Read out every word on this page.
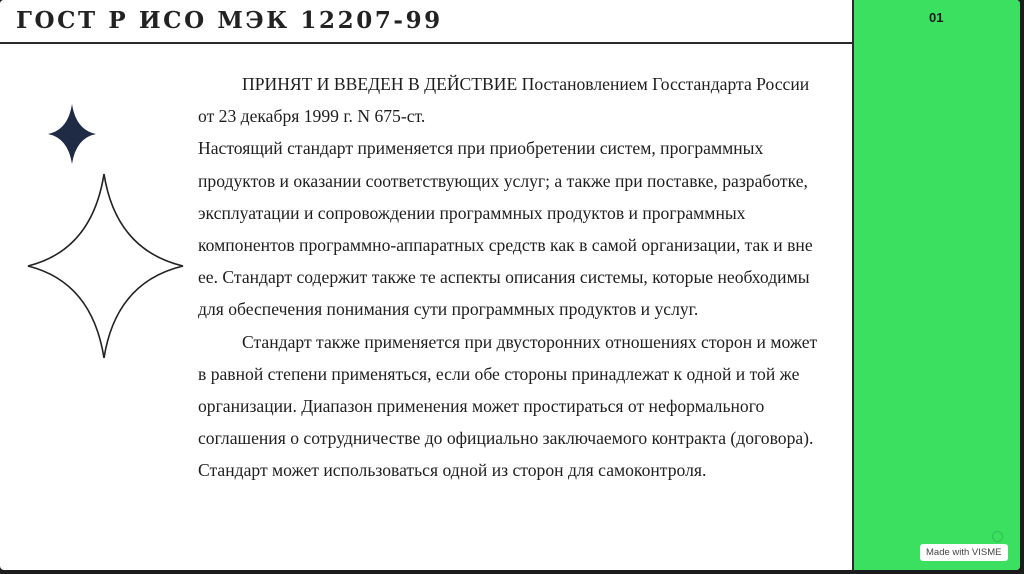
ГОСТ Р ИСО МЭК 12207-99	01

ПРИНЯТ И ВВЕДЕН В ДЕЙСТВИЕ Постановлением Госстандарта России от 23 декабря 1999 г. N 675-ст.

Настоящий стандарт применяется при приобретении систем, программных продуктов и оказании соответствующих услуг; а также при поставке, разработке, эксплуатации и сопровождении программных продуктов и программных компонентов программно-аппаратных средств как в самой организации, так и вне ее. Стандарт содержит также те аспекты описания системы, которые необходимы для обеспечения понимания сути программных продуктов и услуг.

Стандарт также применяется при двусторонних отношениях сторон и может в равной степени применяться, если обе стороны принадлежат к одной и той же организации. Диапазон применения может простираться от неформального соглашения о сотрудничестве до официально заключаемого контракта (договора). Стандарт может использоваться одной из сторон для самоконтроля.

Made with VISME
